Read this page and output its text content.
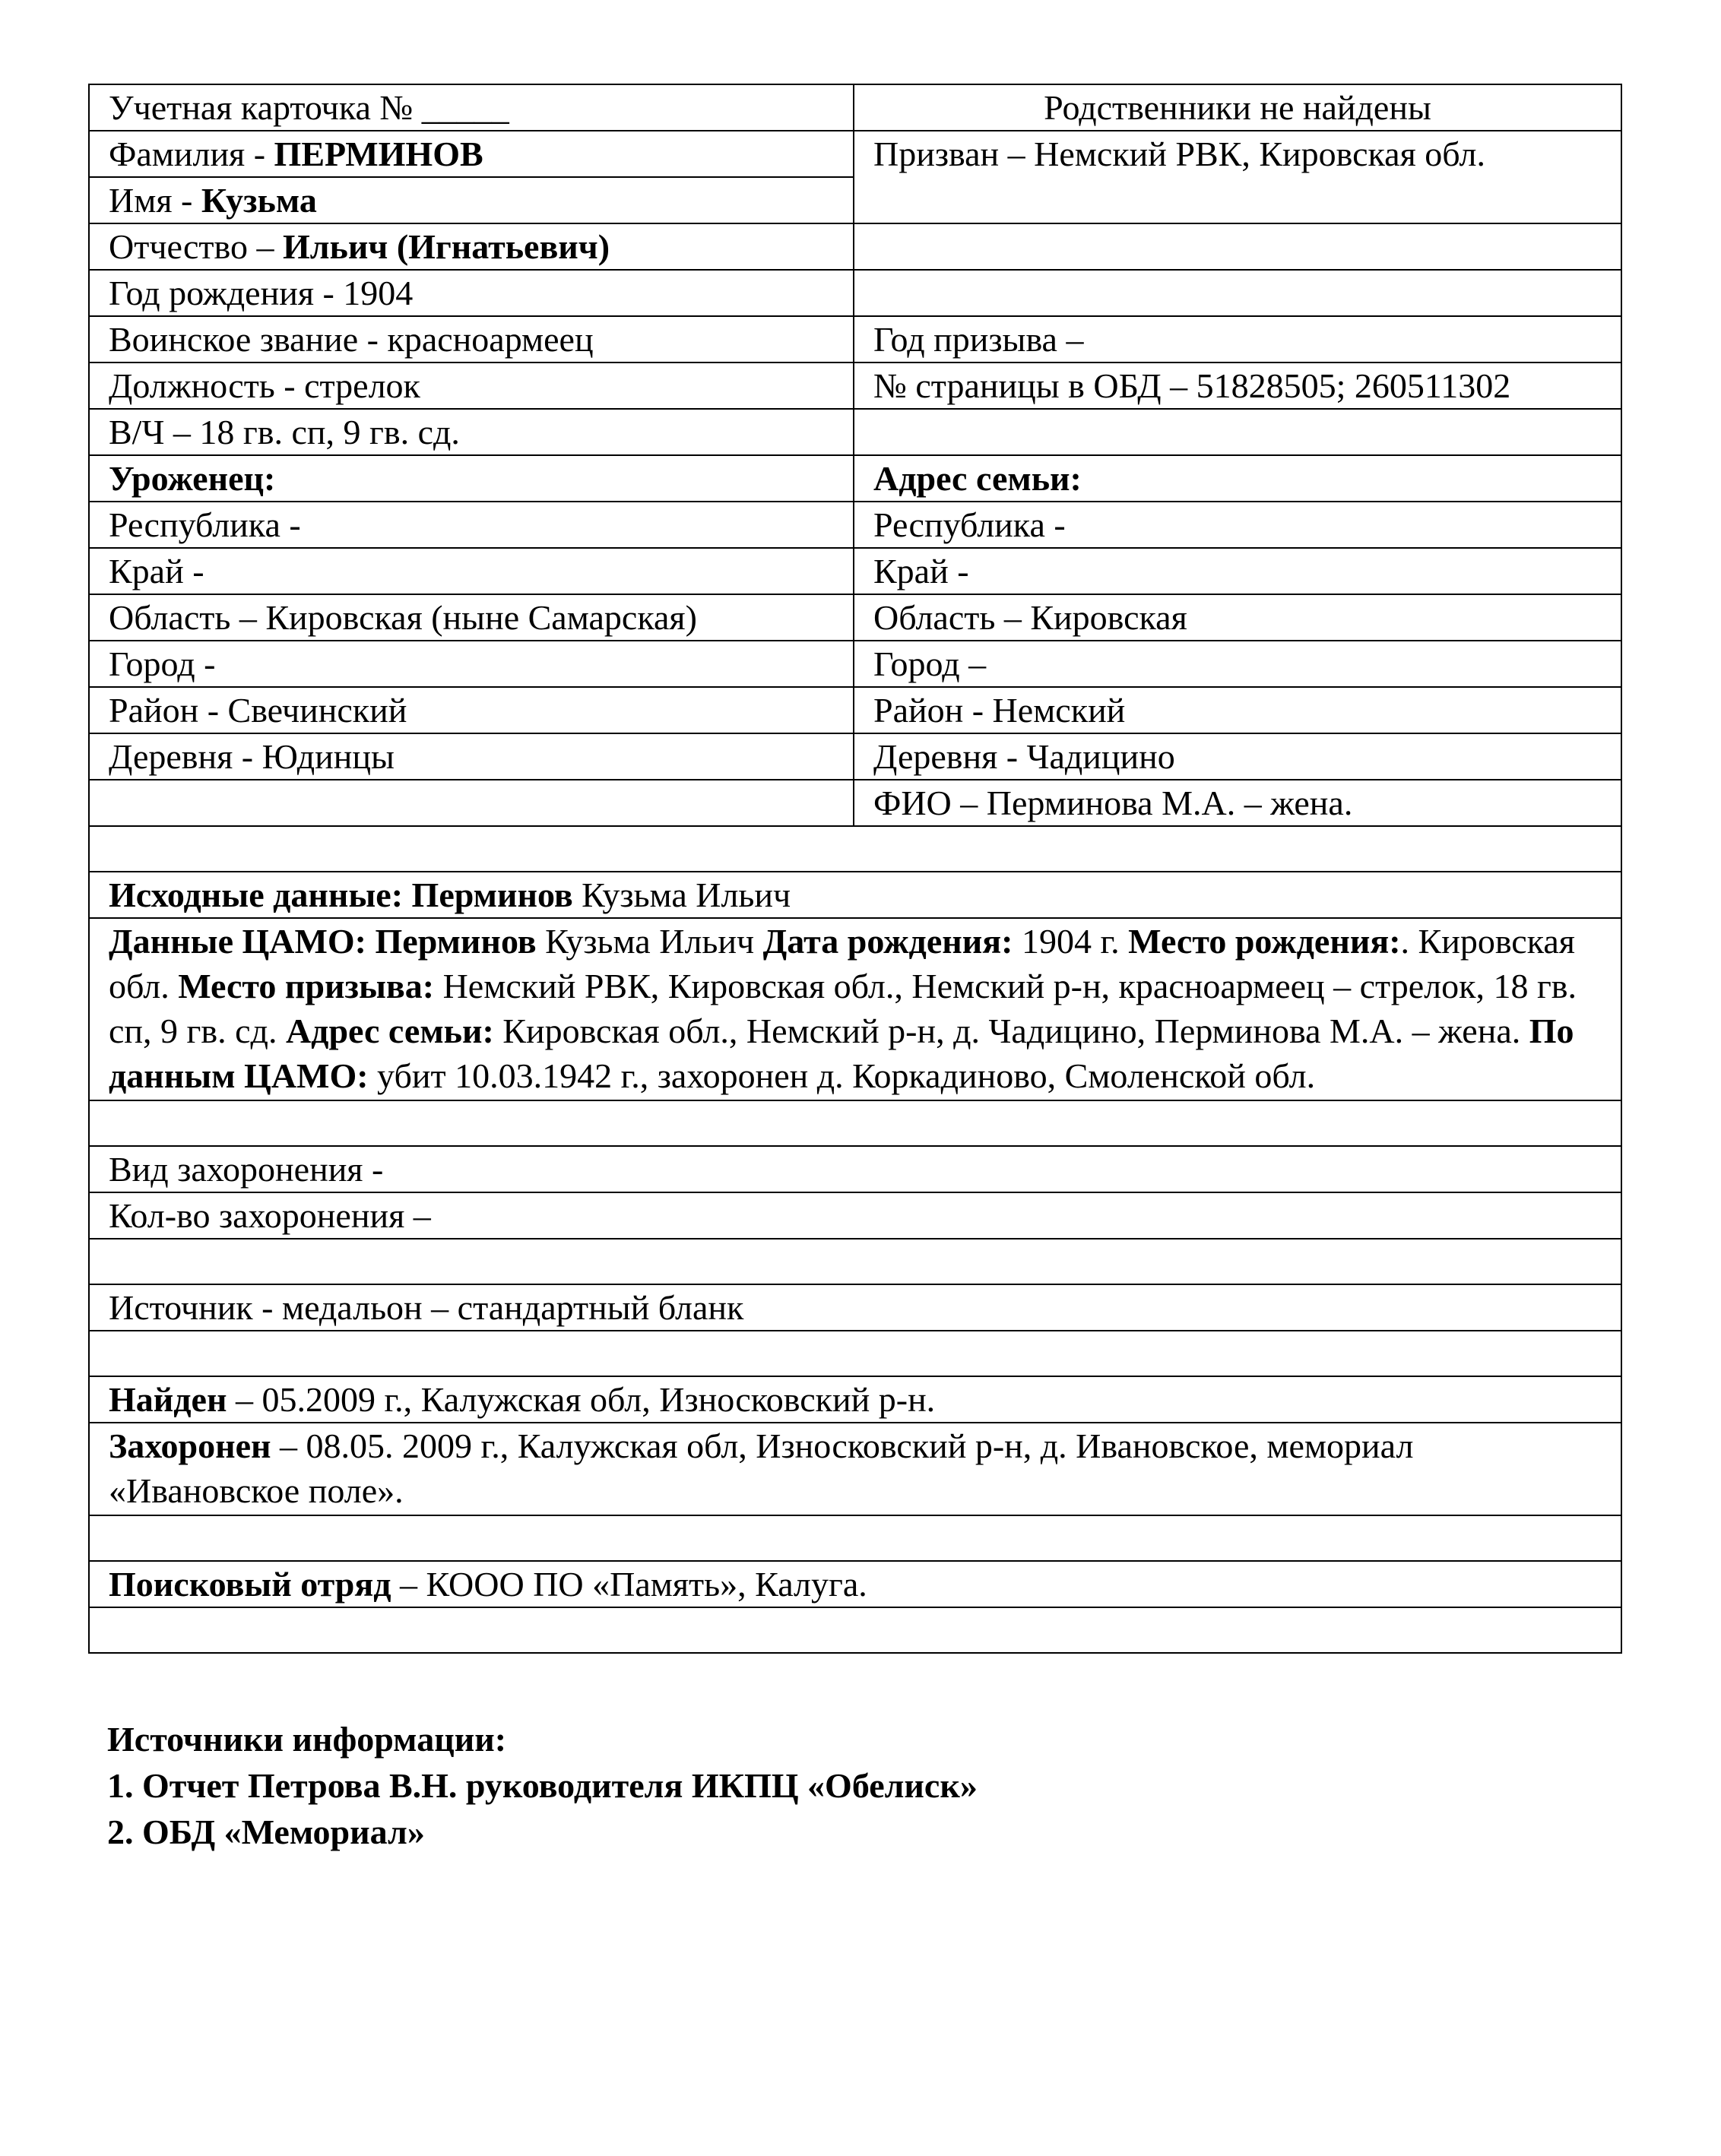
Учетная карточка № _____	Родственники не найдены
Фамилия - ПЕРМИНОВ	Призван – Немский РВК, Кировская обл.
Имя - Кузьма	
Отчество – Ильич (Игнатьевич)	
Год рождения - 1904	
Воинское звание - красноармеец	Год призыва –
Должность - стрелок	№ страницы в ОБД – 51828505; 260511302
В/Ч – 18 гв. сп, 9 гв. сд.	
Уроженец:	Адрес семьи:
Республика -	Республика -
Край -	Край -
Область – Кировская (ныне Самарская)	Область – Кировская
Город -	Город –
Район - Свечинский	Район - Немский
Деревня - Юдинцы	Деревня - Чадицино
	ФИО – Перминова М.А. – жена.

Исходные данные: Перминов Кузьма Ильич	
Данные ЦАМО: Перминов Кузьма Ильич Дата рождения: 1904 г. Место рождения:. Кировская обл. Место призыва: Немский РВК, Кировская обл., Немский р-н, красноармеец – стрелок, 18 гв. сп, 9 гв. сд. Адрес семьи: Кировская обл., Немский р-н, д. Чадицино, Перминова М.А. – жена. По данным ЦАМО: убит 10.03.1942 г., захоронен д. Коркадиново, Смоленской обл.	

Вид захоронения -	
Кол-во захоронения –	

Источник - медальон – стандартный бланк	

Найден – 05.2009 г., Калужская обл, Износковский р-н.	
Захоронен – 08.05. 2009 г., Калужская обл, Износковский р-н, д. Ивановское, мемориал «Ивановское поле».	

Поисковый отряд – КООО ПО «Память», Калуга.	

Источники информации:
1. Отчет Петрова В.Н. руководителя ИКПЦ «Обелиск»
2. ОБД «Мемориал»
